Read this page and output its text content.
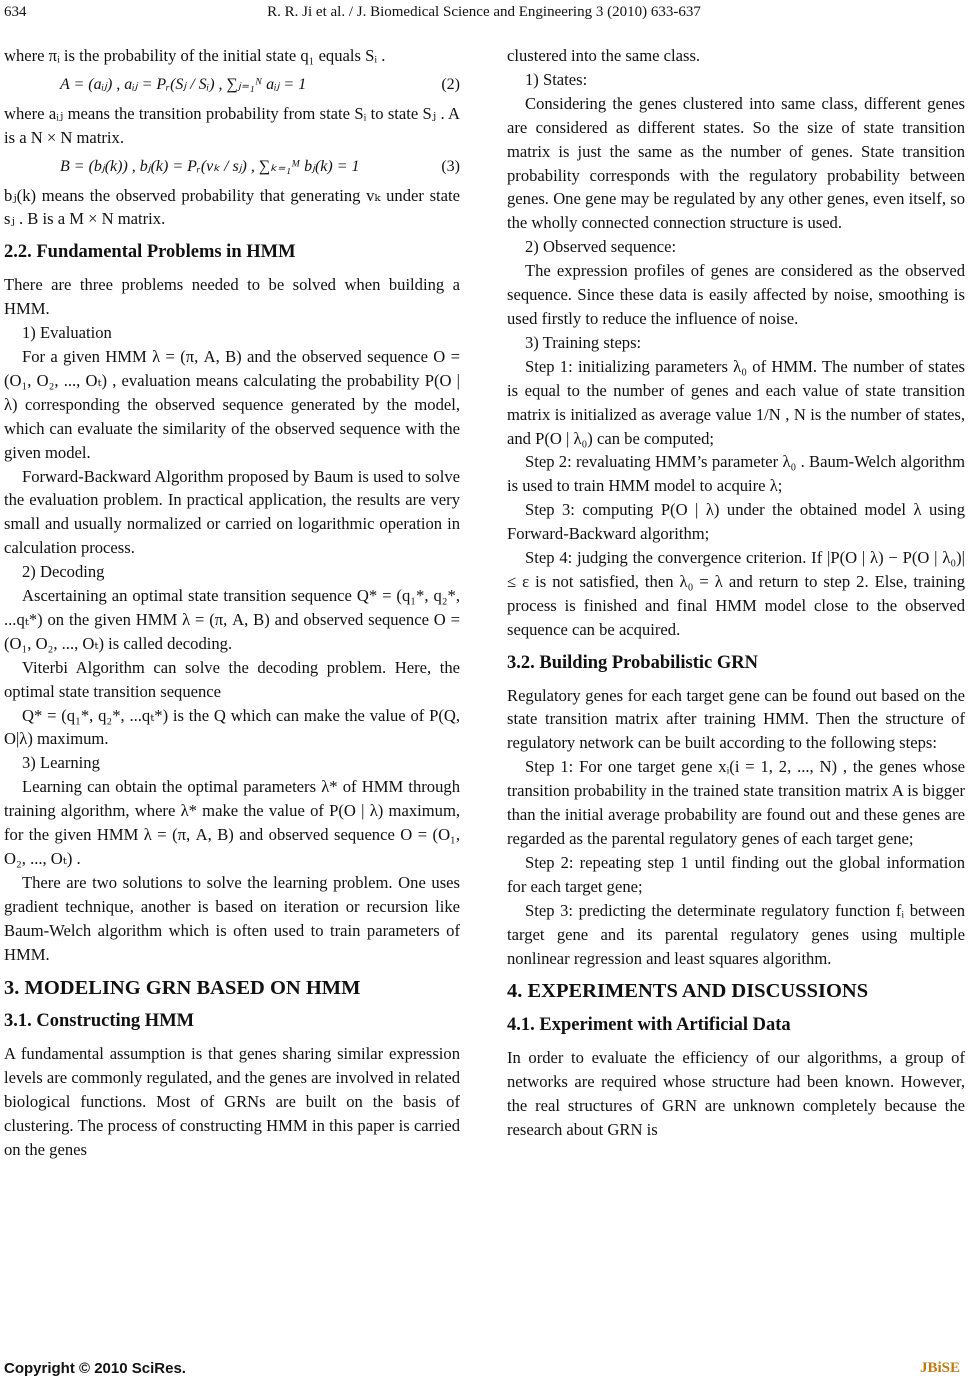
634	R. R. Ji et al. / J. Biomedical Science and Engineering 3 (2010) 633-637

where πᵢ is the probability of the initial state q₁ equals Sᵢ .

A = (aᵢⱼ) , aᵢⱼ = Pᵣ(Sⱼ / Sᵢ) , ∑ⱼ₌₁ᴺ aᵢⱼ = 1	(2)

where aᵢⱼ means the transition probability from state Sᵢ to state Sⱼ . A is a N × N matrix.

B = (bⱼ(k)) , bⱼ(k) = Pᵣ(vₖ / sⱼ) , ∑ₖ₌₁ᴹ bⱼ(k) = 1	(3)

bⱼ(k) means the observed probability that generating vₖ under state sⱼ . B is a M × N matrix.

2.2. Fundamental Problems in HMM

There are three problems needed to be solved when building a HMM.

1) Evaluation

For a given HMM λ = (π, A, B) and the observed sequence O = (O₁, O₂, ..., Oₜ) , evaluation means calculating the probability P(O | λ) corresponding the observed sequence generated by the model, which can evaluate the similarity of the observed sequence with the given model.

Forward-Backward Algorithm proposed by Baum is used to solve the evaluation problem. In practical application, the results are very small and usually normalized or carried on logarithmic operation in calculation process.

2) Decoding

Ascertaining an optimal state transition sequence Q* = (q₁*, q₂*, ...qₜ*) on the given HMM λ = (π, A, B) and observed sequence O = (O₁, O₂, ..., Oₜ) is called decoding.

Viterbi Algorithm can solve the decoding problem. Here, the optimal state transition sequence

Q* = (q₁*, q₂*, ...qₜ*) is the Q which can make the value of P(Q, O|λ) maximum.

3) Learning

Learning can obtain the optimal parameters λ* of HMM through training algorithm, where λ* make the value of P(O | λ) maximum, for the given HMM λ = (π, A, B) and observed sequence O = (O₁, O₂, ..., Oₜ) .

There are two solutions to solve the learning problem. One uses gradient technique, another is based on iteration or recursion like Baum-Welch algorithm which is often used to train parameters of HMM.

3. MODELING GRN BASED ON HMM
3.1. Constructing HMM

A fundamental assumption is that genes sharing similar expression levels are commonly regulated, and the genes are involved in related biological functions. Most of GRNs are built on the basis of clustering. The process of constructing HMM in this paper is carried on the genes

clustered into the same class.

1) States:

Considering the genes clustered into same class, different genes are considered as different states. So the size of state transition matrix is just the same as the number of genes. State transition probability corresponds with the regulatory probability between genes. One gene may be regulated by any other genes, even itself, so the wholly connected connection structure is used.

2) Observed sequence:

The expression profiles of genes are considered as the observed sequence. Since these data is easily affected by noise, smoothing is used firstly to reduce the influence of noise.

3) Training steps:

Step 1: initializing parameters λ₀ of HMM. The number of states is equal to the number of genes and each value of state transition matrix is initialized as average value 1/N , N is the number of states, and P(O | λ₀) can be computed;

Step 2: revaluating HMM’s parameter λ₀ . Baum-Welch algorithm is used to train HMM model to acquire λ;

Step 3: computing P(O | λ) under the obtained model λ using Forward-Backward algorithm;

Step 4: judging the convergence criterion. If |P(O | λ) − P(O | λ₀)| ≤ ε is not satisfied, then λ₀ = λ and return to step 2. Else, training process is finished and final HMM model close to the observed sequence can be acquired.

3.2. Building Probabilistic GRN

Regulatory genes for each target gene can be found out based on the state transition matrix after training HMM. Then the structure of regulatory network can be built according to the following steps:

Step 1: For one target gene xᵢ(i = 1, 2, ..., N) , the genes whose transition probability in the trained state transition matrix A is bigger than the initial average probability are found out and these genes are regarded as the parental regulatory genes of each target gene;

Step 2: repeating step 1 until finding out the global information for each target gene;

Step 3: predicting the determinate regulatory function fᵢ between target gene and its parental regulatory genes using multiple nonlinear regression and least squares algorithm.

4. EXPERIMENTS AND DISCUSSIONS
4.1. Experiment with Artificial Data

In order to evaluate the efficiency of our algorithms, a group of networks are required whose structure had been known. However, the real structures of GRN are unknown completely because the research about GRN is

Copyright © 2010 SciRes.	JBiSE
